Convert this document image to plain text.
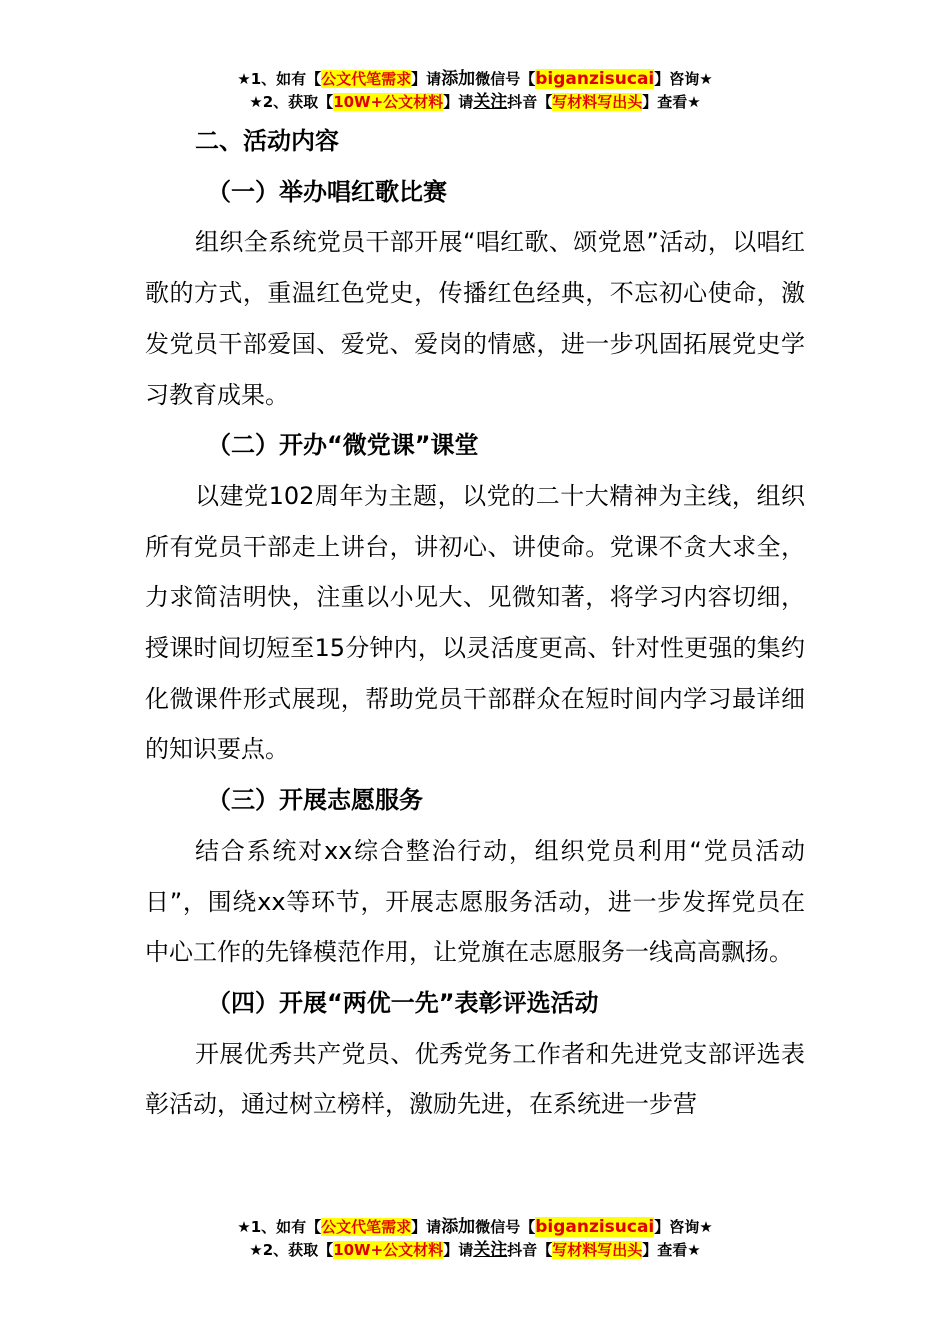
★1、如有【公文代笔需求】请添加微信号【biganzisucai】咨询★
★2、获取【10W+公文材料】请关注抖音【写材料写出头】查看★

二、活动内容

（一）举办唱红歌比赛

组织全系统党员干部开展“唱红歌、颂党恩”活动，以唱红歌的方式，重温红色党史，传播红色经典，不忘初心使命，激发党员干部爱国、爱党、爱岗的情感，进一步巩固拓展党史学习教育成果。

（二）开办“微党课”课堂

以建党102周年为主题，以党的二十大精神为主线，组织所有党员干部走上讲台，讲初心、讲使命。党课不贪大求全，力求简洁明快，注重以小见大、见微知著，将学习内容切细，授课时间切短至15分钟内，以灵活度更高、针对性更强的集约化微课件形式展现，帮助党员干部群众在短时间内学习最详细的知识要点。

（三）开展志愿服务

结合系统对xx综合整治行动，组织党员利用“党员活动日”，围绕xx等环节，开展志愿服务活动，进一步发挥党员在中心工作的先锋模范作用，让党旗在志愿服务一线高高飘扬。

（四）开展“两优一先”表彰评选活动

开展优秀共产党员、优秀党务工作者和先进党支部评选表彰活动，通过树立榜样，激励先进，在系统进一步营

★1、如有【公文代笔需求】请添加微信号【biganzisucai】咨询★
★2、获取【10W+公文材料】请关注抖音【写材料写出头】查看★
